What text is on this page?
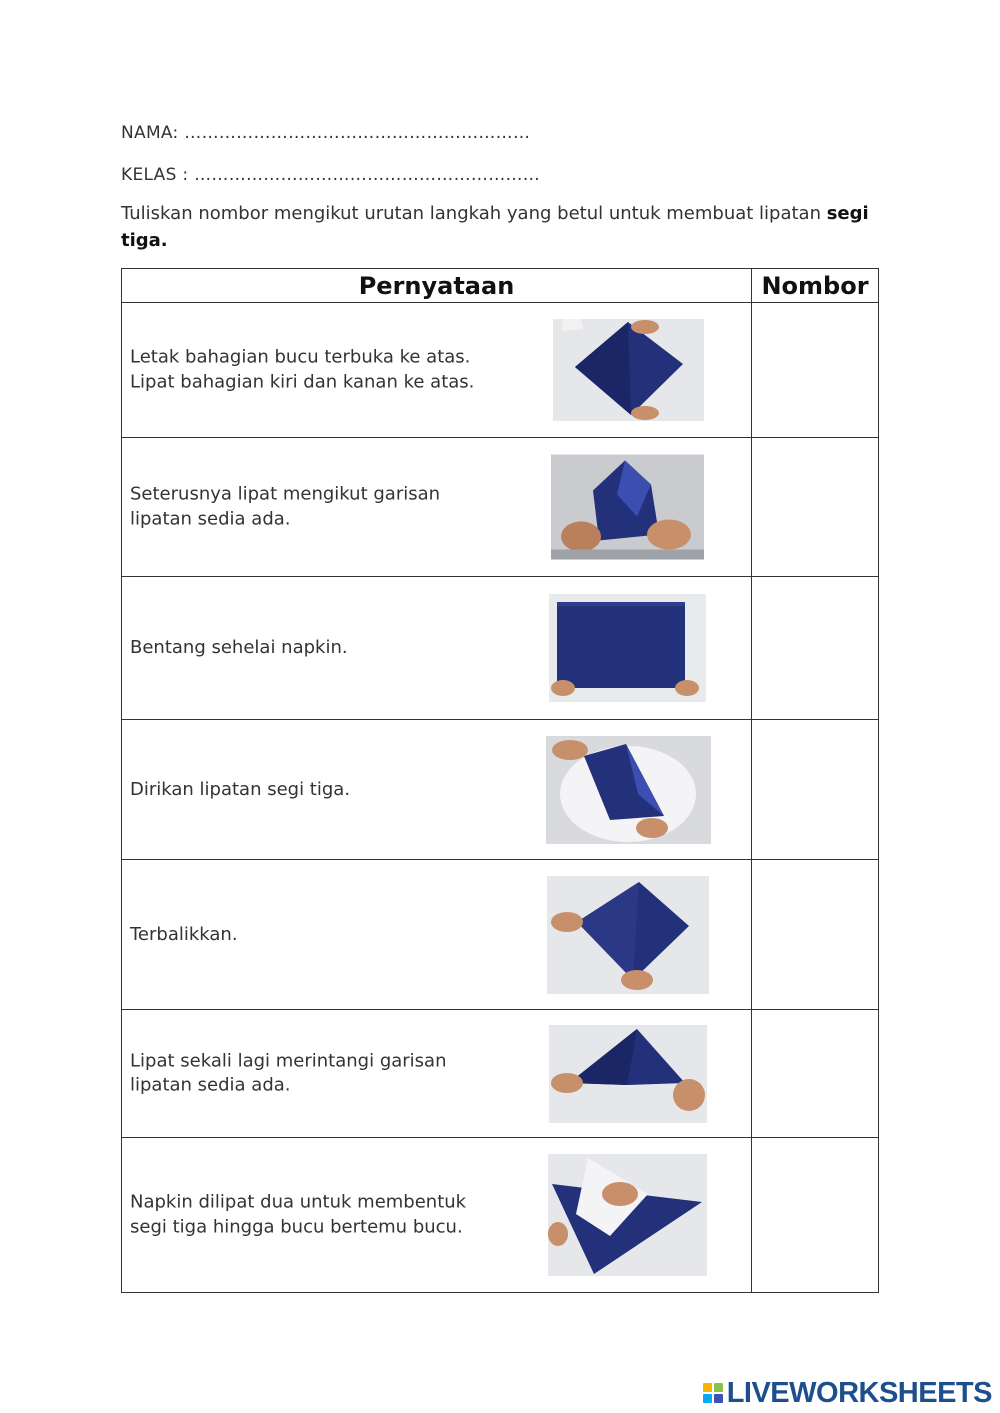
NAMA: ……………………………………………………
KELAS : ……………………………………………………
Tuliskan nombor mengikut urutan langkah yang betul untuk membuat lipatan segi tiga.
Pernyataan	Nombor

Letak bahagian bucu terbuka ke atas. Lipat bahagian kiri dan kanan ke atas.	

Seterusnya lipat mengikut garisan lipatan sedia ada.	

Bentang sehelai napkin.	

Dirikan lipatan segi tiga.	

Terbalikkan.	

Lipat sekali lagi merintangi garisan lipatan sedia ada.	

Napkin dilipat dua untuk membentuk segi tiga hingga bucu bertemu bucu.	

LIVEWORKSHEETS
